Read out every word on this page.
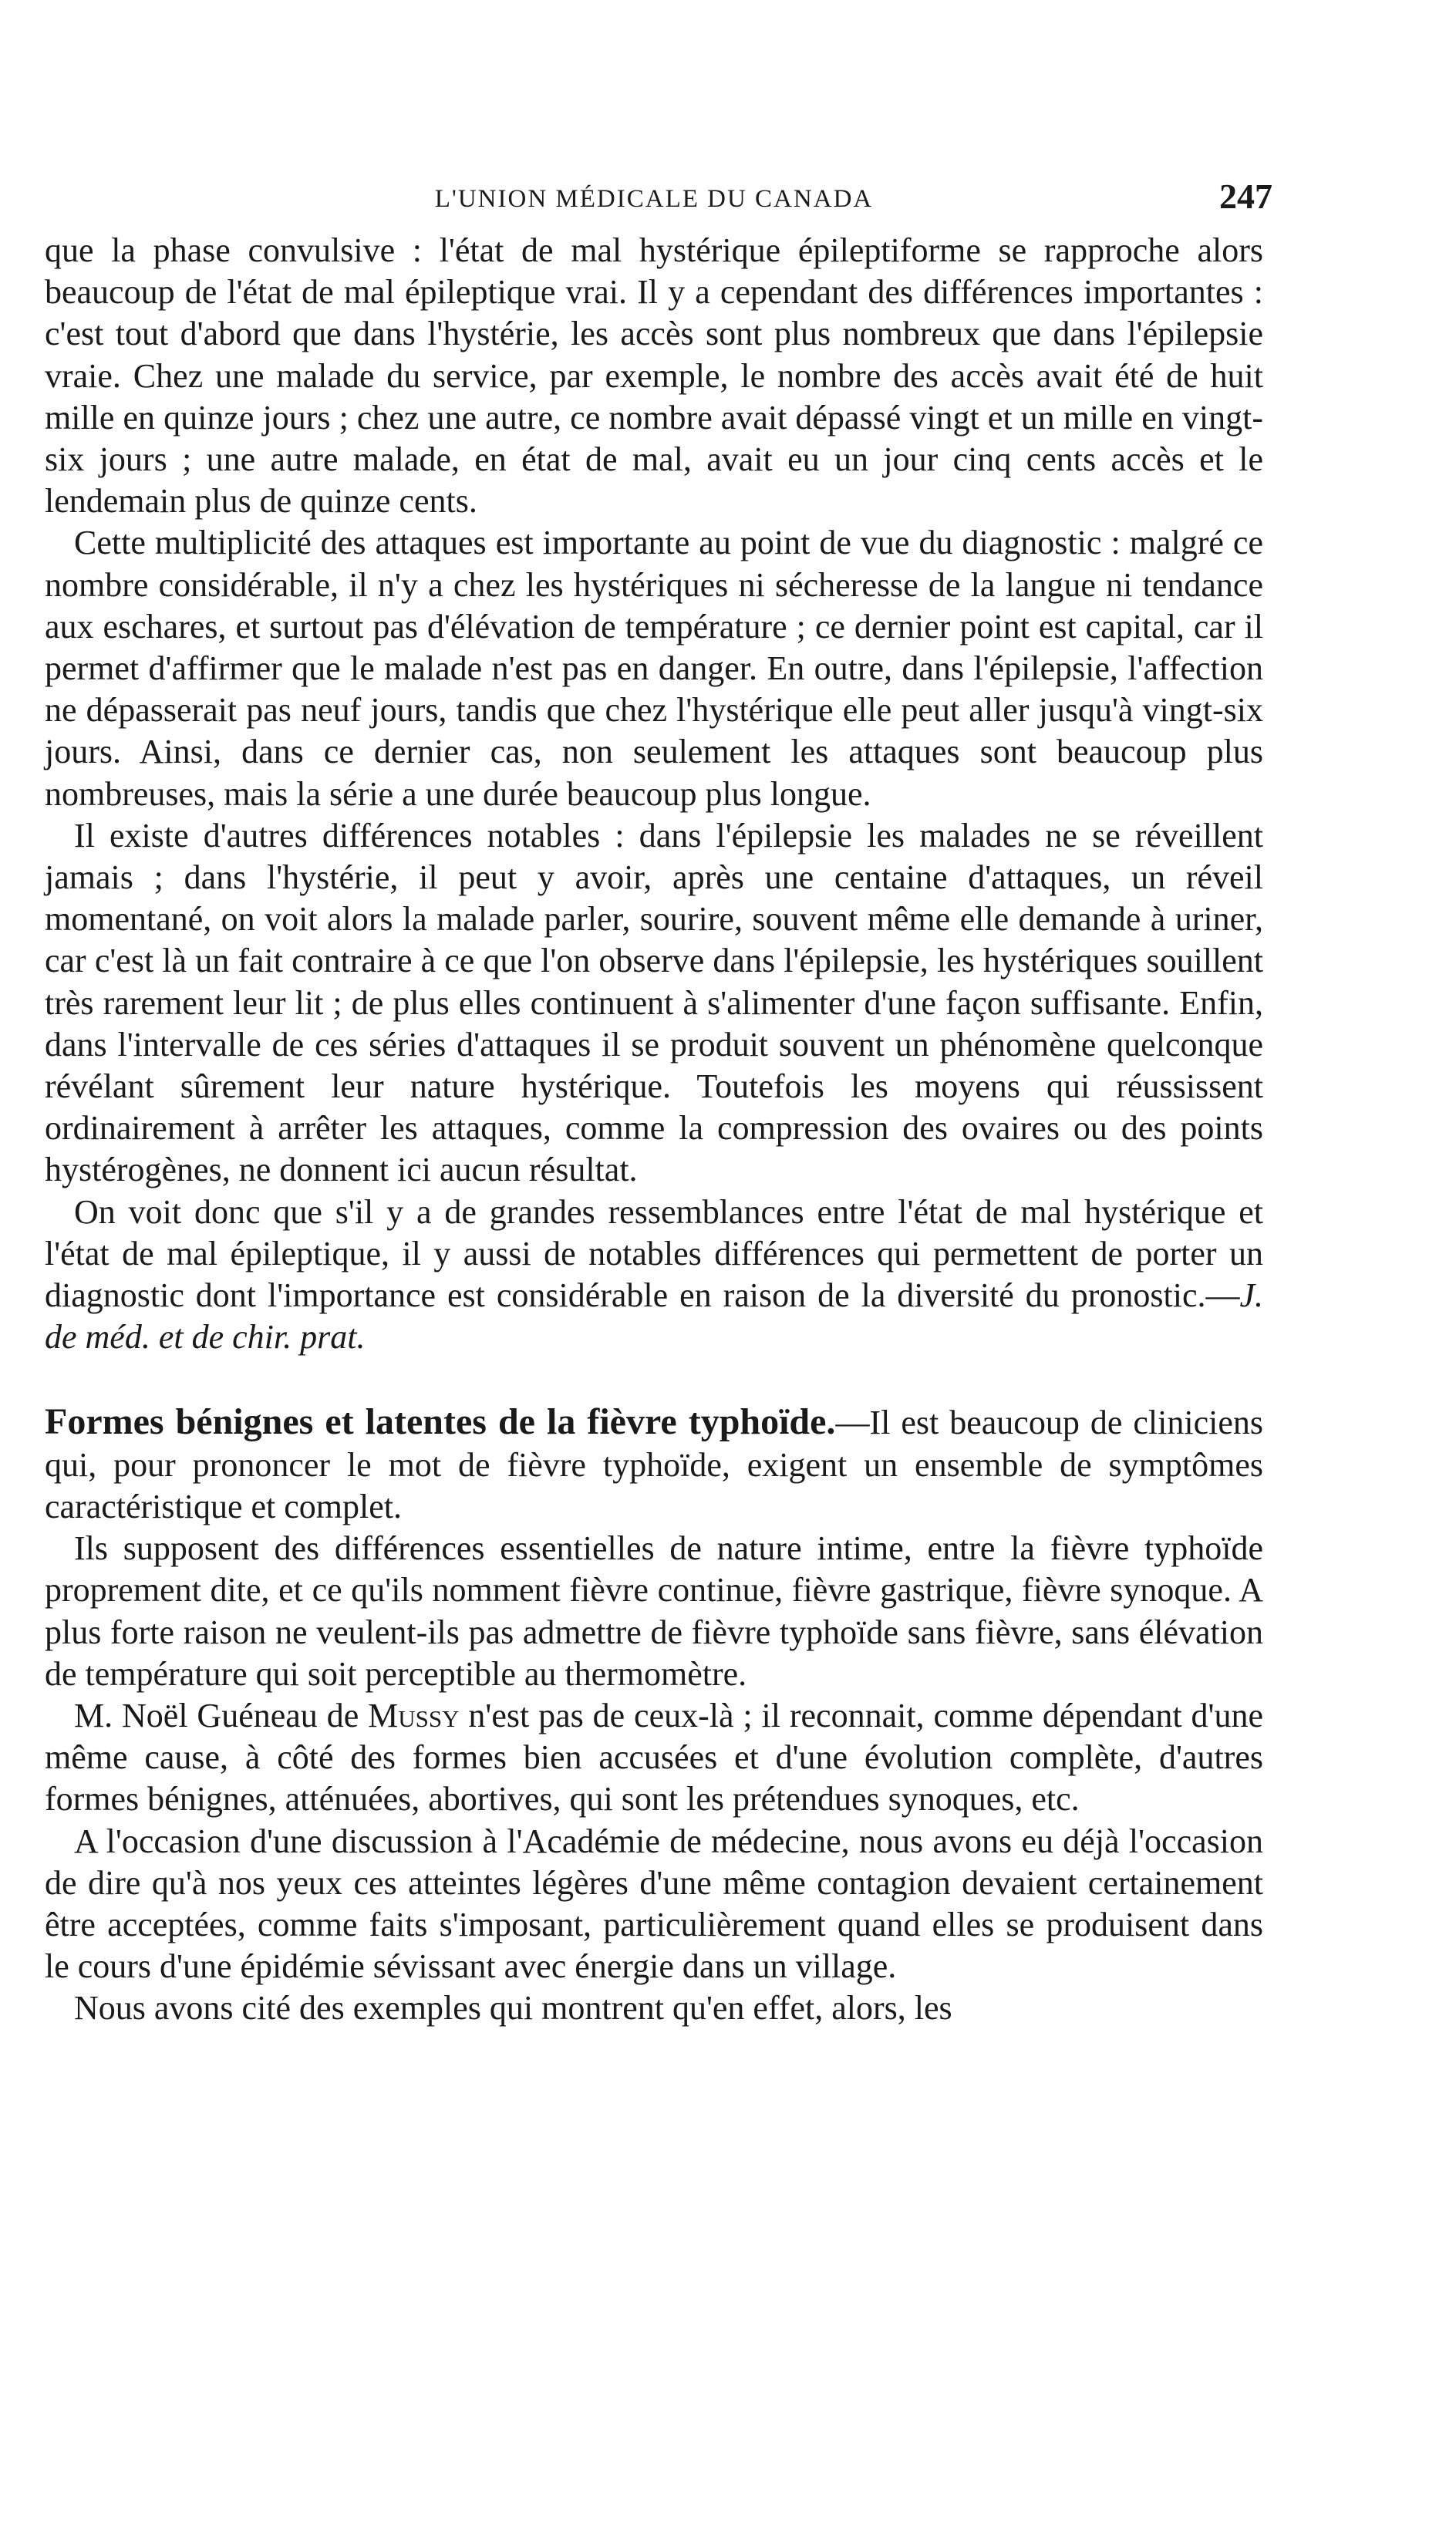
L'UNION MÉDICALE DU CANADA	247

que la phase convulsive : l'état de mal hystérique épileptiforme se rapproche alors beaucoup de l'état de mal épileptique vrai. Il y a cependant des différences importantes : c'est tout d'abord que dans l'hystérie, les accès sont plus nombreux que dans l'épilepsie vraie. Chez une malade du service, par exemple, le nombre des accès avait été de huit mille en quinze jours ; chez une autre, ce nombre avait dépassé vingt et un mille en vingt-six jours ; une autre malade, en état de mal, avait eu un jour cinq cents accès et le lendemain plus de quinze cents.

Cette multiplicité des attaques est importante au point de vue du diagnostic : malgré ce nombre considérable, il n'y a chez les hystériques ni sécheresse de la langue ni tendance aux eschares, et surtout pas d'élévation de température ; ce dernier point est capital, car il permet d'affirmer que le malade n'est pas en danger. En outre, dans l'épilepsie, l'affection ne dépasserait pas neuf jours, tandis que chez l'hystérique elle peut aller jusqu'à vingt-six jours. Ainsi, dans ce dernier cas, non seulement les attaques sont beaucoup plus nombreuses, mais la série a une durée beaucoup plus longue.

Il existe d'autres différences notables : dans l'épilepsie les malades ne se réveillent jamais ; dans l'hystérie, il peut y avoir, après une centaine d'attaques, un réveil momentané, on voit alors la malade parler, sourire, souvent même elle demande à uriner, car c'est là un fait contraire à ce que l'on observe dans l'épilepsie, les hystériques souillent très rarement leur lit ; de plus elles continuent à s'alimenter d'une façon suffisante. Enfin, dans l'intervalle de ces séries d'attaques il se produit souvent un phénomène quelconque révélant sûrement leur nature hystérique. Toutefois les moyens qui réussissent ordinairement à arrêter les attaques, comme la compression des ovaires ou des points hystérogènes, ne donnent ici aucun résultat.

On voit donc que s'il y a de grandes ressemblances entre l'état de mal hystérique et l'état de mal épileptique, il y aussi de notables différences qui permettent de porter un diagnostic dont l'importance est considérable en raison de la diversité du pronostic.—J. de méd. et de chir. prat.

Formes bénignes et latentes de la fièvre typhoïde.—Il est beaucoup de cliniciens qui, pour prononcer le mot de fièvre typhoïde, exigent un ensemble de symptômes caractéristique et complet.

Ils supposent des différences essentielles de nature intime, entre la fièvre typhoïde proprement dite, et ce qu'ils nomment fièvre continue, fièvre gastrique, fièvre synoque. A plus forte raison ne veulent-ils pas admettre de fièvre typhoïde sans fièvre, sans élévation de température qui soit perceptible au thermomètre.

M. Noël Guéneau de Mussy n'est pas de ceux-là ; il reconnait, comme dépendant d'une même cause, à côté des formes bien accusées et d'une évolution complète, d'autres formes bénignes, atténuées, abortives, qui sont les prétendues synoques, etc.

A l'occasion d'une discussion à l'Académie de médecine, nous avons eu déjà l'occasion de dire qu'à nos yeux ces atteintes légères d'une même contagion devaient certainement être acceptées, comme faits s'imposant, particulièrement quand elles se produisent dans le cours d'une épidémie sévissant avec énergie dans un village.

Nous avons cité des exemples qui montrent qu'en effet, alors, les
